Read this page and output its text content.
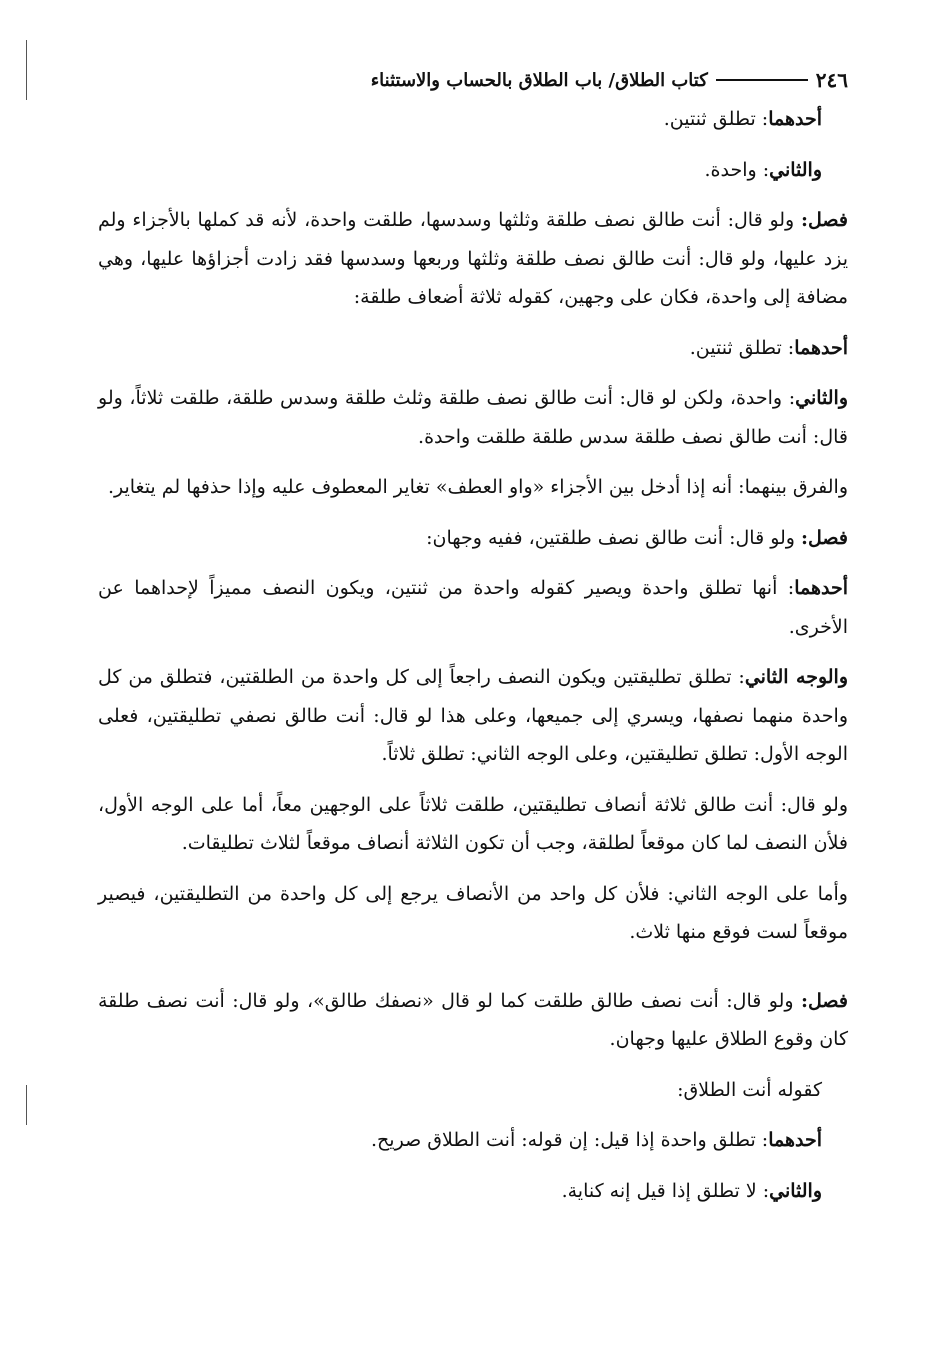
٢٤٦
كتاب الطلاق/ باب الطلاق بالحساب والاستثناء

أحدهما: تطلق ثنتين.

والثاني: واحدة.

فصل: ولو قال: أنت طالق نصف طلقة وثلثها وسدسها، طلقت واحدة، لأنه قد كملها بالأجزاء ولم يزد عليها، ولو قال: أنت طالق نصف طلقة وثلثها وربعها وسدسها فقد زادت أجزاؤها عليها، وهي مضافة إلى واحدة، فكان على وجهين، كقوله ثلاثة أضعاف طلقة:

أحدهما: تطلق ثنتين.

والثاني: واحدة، ولكن لو قال: أنت طالق نصف طلقة وثلث طلقة وسدس طلقة، طلقت ثلاثاً، ولو قال: أنت طالق نصف طلقة سدس طلقة طلقت واحدة.

والفرق بينهما: أنه إذا أدخل بين الأجزاء «واو العطف» تغاير المعطوف عليه وإذا حذفها لم يتغاير.

فصل: ولو قال: أنت طالق نصف طلقتين، ففيه وجهان:

أحدهما: أنها تطلق واحدة ويصير كقوله واحدة من ثنتين، ويكون النصف مميزاً لإحداهما عن الأخرى.

والوجه الثاني: تطلق تطليقتين ويكون النصف راجعاً إلى كل واحدة من الطلقتين، فتطلق من كل واحدة منهما نصفها، ويسري إلى جميعها، وعلى هذا لو قال: أنت طالق نصفي تطليقتين، فعلى الوجه الأول: تطلق تطليقتين، وعلى الوجه الثاني: تطلق ثلاثاً.

ولو قال: أنت طالق ثلاثة أنصاف تطليقتين، طلقت ثلاثاً على الوجهين معاً، أما على الوجه الأول، فلأن النصف لما كان موقعاً لطلقة، وجب أن تكون الثلاثة أنصاف موقعاً لثلاث تطليقات.

وأما على الوجه الثاني: فلأن كل واحد من الأنصاف يرجع إلى كل واحدة من التطليقتين، فيصير موقعاً لست فوقع منها ثلاث.

فصل: ولو قال: أنت نصف طالق طلقت كما لو قال «نصفك طالق»، ولو قال: أنت نصف طلقة كان وقوع الطلاق عليها وجهان.

كقوله أنت الطلاق:

أحدهما: تطلق واحدة إذا قيل: إن قوله: أنت الطلاق صريح.

والثاني: لا تطلق إذا قيل إنه كناية.
